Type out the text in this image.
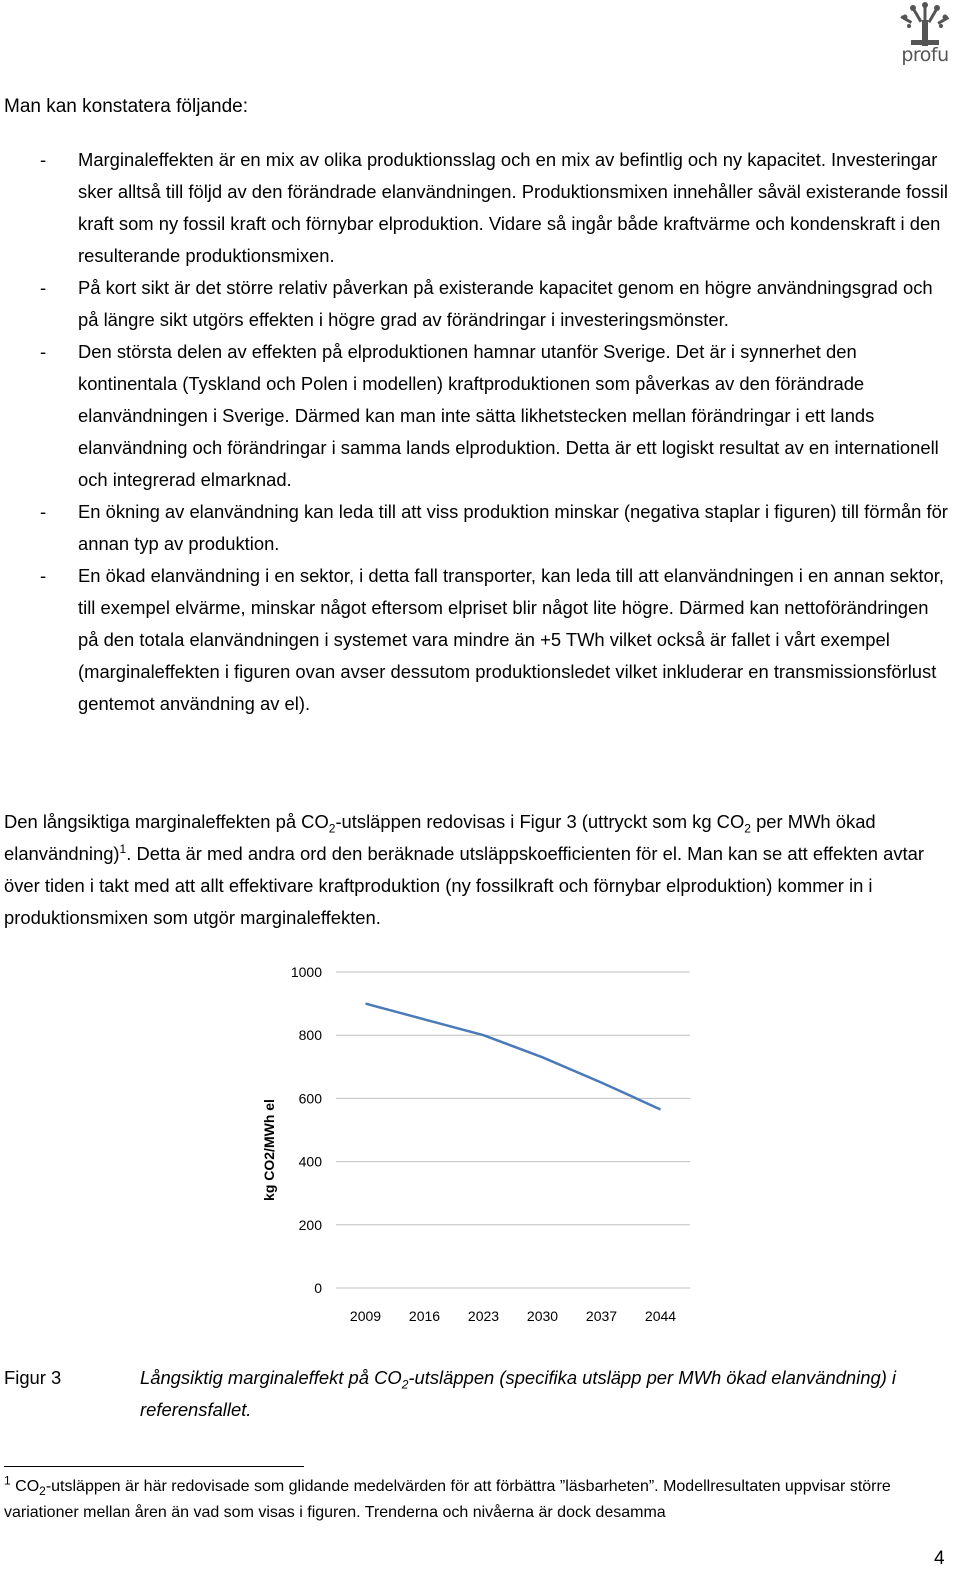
profu
Man kan konstatera följande:
-	Marginaleffekten är en mix av olika produktionsslag och en mix av befintlig och ny kapacitet. Investeringar sker alltså till följd av den förändrade elanvändningen. Produktionsmixen innehåller såväl existerande fossil kraft som ny fossil kraft och förnybar elproduktion. Vidare så ingår både kraftvärme och kondenskraft i den resulterande produktionsmixen.
-	På kort sikt är det större relativ påverkan på existerande kapacitet genom en högre användningsgrad och på längre sikt utgörs effekten i högre grad av förändringar i investeringsmönster.
-	Den största delen av effekten på elproduktionen hamnar utanför Sverige. Det är i synnerhet den kontinentala (Tyskland och Polen i modellen) kraftproduktionen som påverkas av den förändrade elanvändningen i Sverige. Därmed kan man inte sätta likhetstecken mellan förändringar i ett lands elanvändning och förändringar i samma lands elproduktion. Detta är ett logiskt resultat av en internationell och integrerad elmarknad.
-	En ökning av elanvändning kan leda till att viss produktion minskar (negativa staplar i figuren) till förmån för annan typ av produktion.
-	En ökad elanvändning i en sektor, i detta fall transporter, kan leda till att elanvändningen i en annan sektor, till exempel elvärme, minskar något eftersom elpriset blir något lite högre. Därmed kan nettoförändringen på den totala elanvändningen i systemet vara mindre än +5 TWh vilket också är fallet i vårt exempel (marginaleffekten i figuren ovan avser dessutom produktionsledet vilket inkluderar en transmissionsförlust gentemot användning av el).
Den långsiktiga marginaleffekten på $CO_2$-utsläppen redovisas i Figur 3 (uttryckt som kg $CO_2$ per MWh ökad elanvändning)$^1$. Detta är med andra ord den beräknade utsläppskoefficienten för el. Man kan se att effekten avtar över tiden i takt med att allt effektivare kraftproduktion (ny fossilkraft och förnybar elproduktion) kommer in i produktionsmixen som utgör marginaleffekten.
0
200
400
600
800
1000
2009 2016 2023 2030 2037 2044
kg CO2/MWh el
Figur 3	Långsiktig marginaleffekt på $CO_2$-utsläppen (specifika utsläpp per MWh ökad elanvändning) i referensfallet.
$^1$ $CO_2$-utsläppen är här redovisade som glidande medelvärden för att förbättra ”läsbarheten”. Modellresultaten uppvisar större variationer mellan åren än vad som visas i figuren. Trenderna och nivåerna är dock desamma
4
